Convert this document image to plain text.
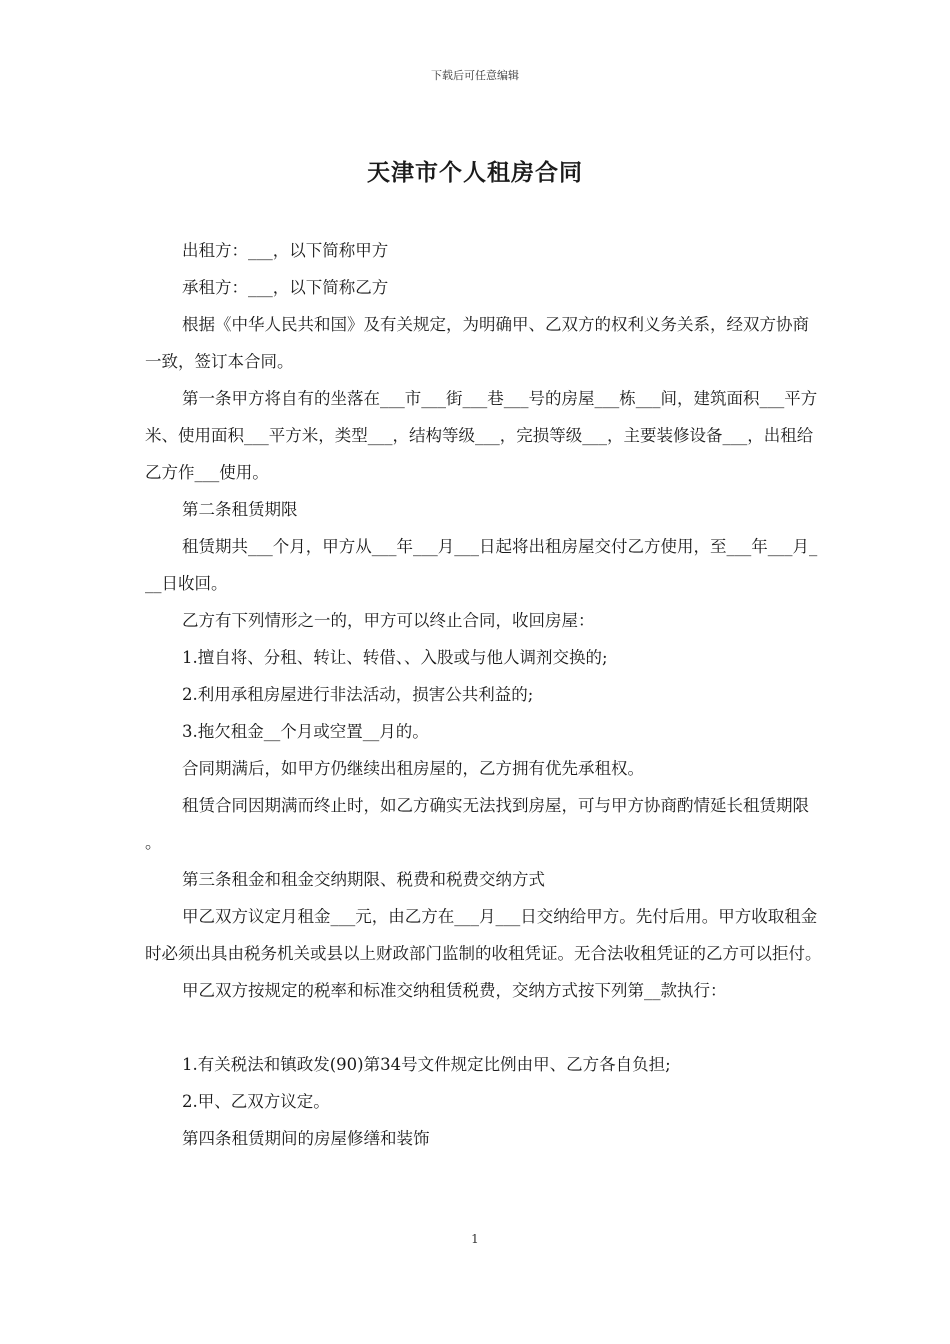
下载后可任意编辑
天津市个人租房合同

出租方：___，以下简称甲方

承租方：___，以下简称乙方

根据《中华人民共和国》及有关规定，为明确甲、乙双方的权利义务关系，经双方协商一致，签订本合同。

第一条甲方将自有的坐落在___市___街___巷___号的房屋___栋___间，建筑面积___平方米、使用面积___平方米，类型___，结构等级___，完损等级___，主要装修设备___，出租给乙方作___使用。

第二条租赁期限

租赁期共___个月，甲方从___年___月___日起将出租房屋交付乙方使用，至___年___月___日收回。

乙方有下列情形之一的，甲方可以终止合同，收回房屋：

1.擅自将、分租、转让、转借、、入股或与他人调剂交换的;

2.利用承租房屋进行非法活动，损害公共利益的;

3.拖欠租金__个月或空置__月的。

合同期满后，如甲方仍继续出租房屋的，乙方拥有优先承租权。

租赁合同因期满而终止时，如乙方确实无法找到房屋，可与甲方协商酌情延长租赁期限。

第三条租金和租金交纳期限、税费和税费交纳方式

甲乙双方议定月租金___元，由乙方在___月___日交纳给甲方。先付后用。甲方收取租金时必须出具由税务机关或县以上财政部门监制的收租凭证。无合法收租凭证的乙方可以拒付。

甲乙双方按规定的税率和标准交纳租赁税费，交纳方式按下列第__款执行：

1.有关税法和镇政发(90)第34号文件规定比例由甲、乙方各自负担;

2.甲、乙双方议定。

第四条租赁期间的房屋修缮和装饰

1
